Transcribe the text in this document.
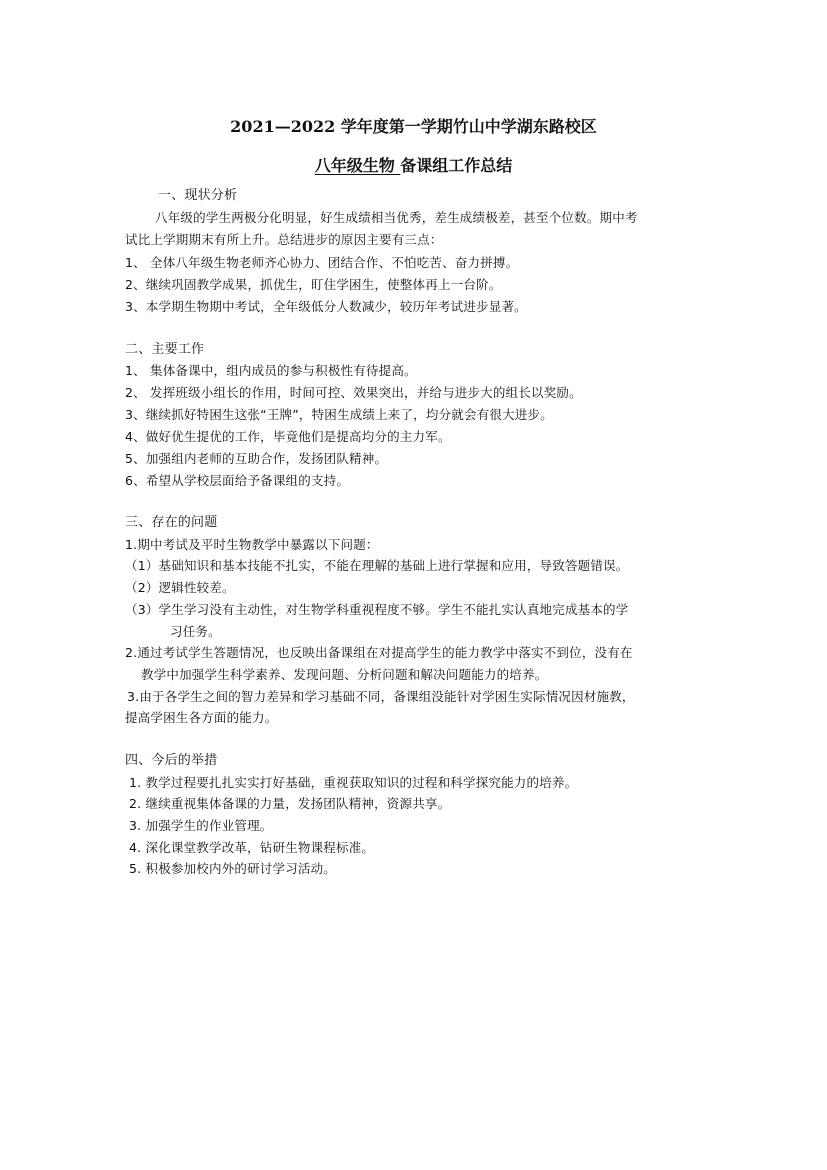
2021—2022 学年度第一学期竹山中学湖东路校区
八年级生物 备课组工作总结
一、现状分析
八年级的学生两极分化明显，好生成绩相当优秀，差生成绩极差，甚至个位数。期中考
试比上学期期末有所上升。总结进步的原因主要有三点：
1、 全体八年级生物老师齐心协力、团结合作、不怕吃苦、奋力拼搏。
2、继续巩固教学成果，抓优生，盯住学困生，使整体再上一台阶。
3、本学期生物期中考试，全年级低分人数减少，较历年考试进步显著。
二、主要工作
1、 集体备课中，组内成员的参与积极性有待提高。
2、 发挥班级小组长的作用，时间可控、效果突出，并给与进步大的组长以奖励。
3、继续抓好特困生这张“王牌”，特困生成绩上来了，均分就会有很大进步。
4、做好优生提优的工作，毕竟他们是提高均分的主力军。
5、加强组内老师的互助合作，发扬团队精神。
6、希望从学校层面给予备课组的支持。
三、存在的问题
1.期中考试及平时生物教学中暴露以下问题：
（1）基础知识和基本技能不扎实，不能在理解的基础上进行掌握和应用，导致答题错误。
（2）逻辑性较差。
（3）学生学习没有主动性，对生物学科重视程度不够。学生不能扎实认真地完成基本的学
习任务。
2.通过考试学生答题情况，也反映出备课组在对提高学生的能力教学中落实不到位，没有在
教学中加强学生科学素养、发现问题、分析问题和解决问题能力的培养。
3.由于各学生之间的智力差异和学习基础不同，备课组没能针对学困生实际情况因材施教，
提高学困生各方面的能力。
四、今后的举措
1. 教学过程要扎扎实实打好基础，重视获取知识的过程和科学探究能力的培养。
2. 继续重视集体备课的力量，发扬团队精神，资源共享。
3. 加强学生的作业管理。
4. 深化课堂教学改革，钻研生物课程标准。
5. 积极参加校内外的研讨学习活动。
